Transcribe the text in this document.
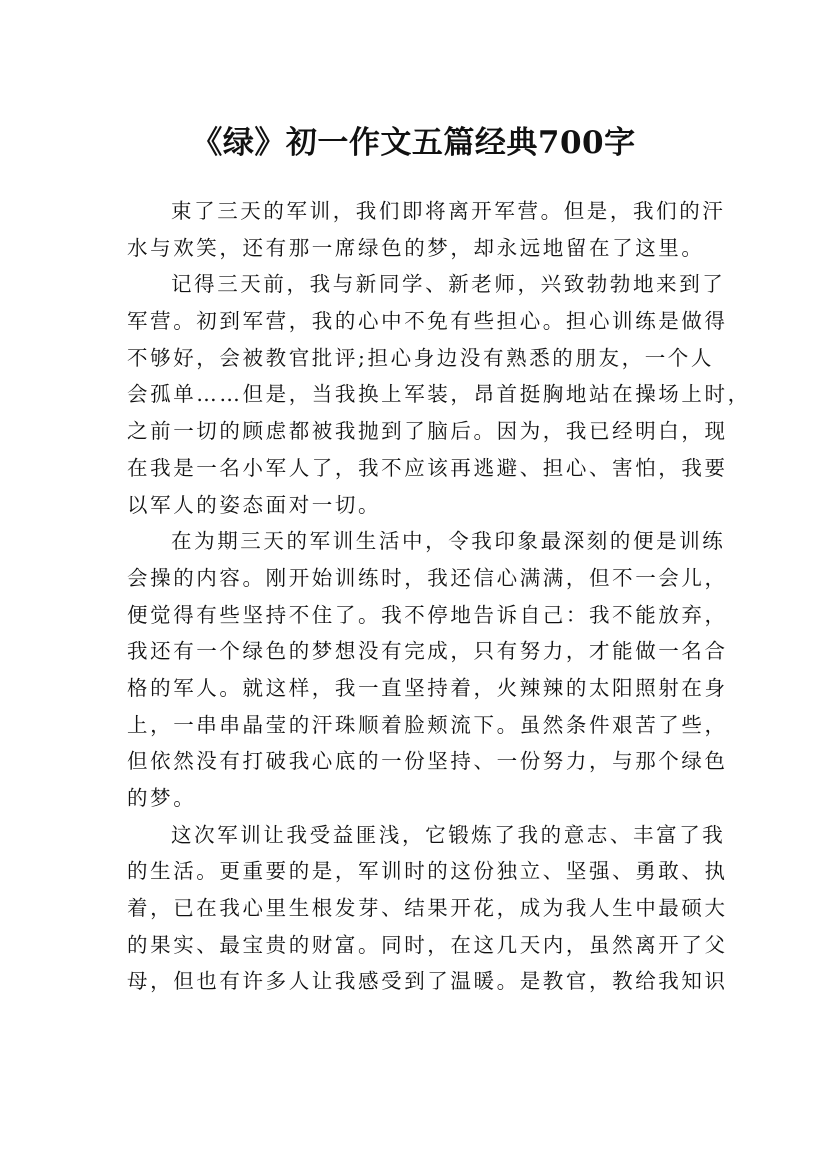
《绿》初一作文五篇经典700字
束了三天的军训，我们即将离开军营。但是，我们的汗
水与欢笑，还有那一席绿色的梦，却永远地留在了这里。
记得三天前，我与新同学、新老师，兴致勃勃地来到了
军营。初到军营，我的心中不免有些担心。担心训练是做得
不够好，会被教官批评;担心身边没有熟悉的朋友，一个人
会孤单……但是，当我换上军装，昂首挺胸地站在操场上时，
之前一切的顾虑都被我抛到了脑后。因为，我已经明白，现
在我是一名小军人了，我不应该再逃避、担心、害怕，我要
以军人的姿态面对一切。
在为期三天的军训生活中，令我印象最深刻的便是训练
会操的内容。刚开始训练时，我还信心满满，但不一会儿，
便觉得有些坚持不住了。我不停地告诉自己：我不能放弃，
我还有一个绿色的梦想没有完成，只有努力，才能做一名合
格的军人。就这样，我一直坚持着，火辣辣的太阳照射在身
上，一串串晶莹的汗珠顺着脸颊流下。虽然条件艰苦了些，
但依然没有打破我心底的一份坚持、一份努力，与那个绿色
的梦。
这次军训让我受益匪浅，它锻炼了我的意志、丰富了我
的生活。更重要的是，军训时的这份独立、坚强、勇敢、执
着，已在我心里生根发芽、结果开花，成为我人生中最硕大
的果实、最宝贵的财富。同时，在这几天内，虽然离开了父
母，但也有许多人让我感受到了温暖。是教官，教给我知识
